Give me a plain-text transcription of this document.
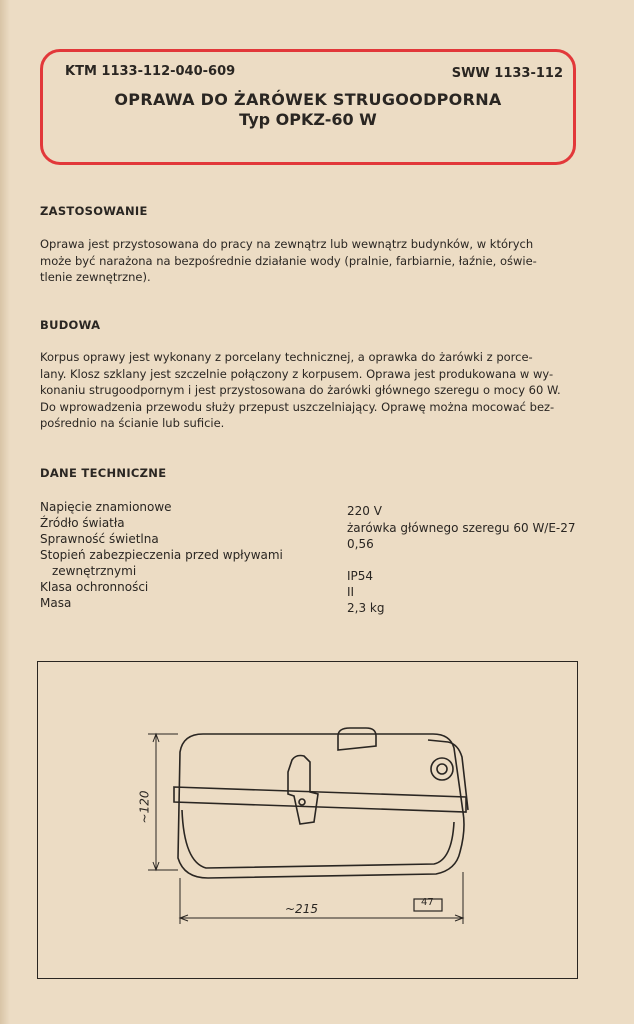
KTM 1133-112-040-609	SWW 1133-112
OPRAWA DO ŻARÓWEK STRUGOODPORNA
Typ OPKZ-60 W
ZASTOSOWANIE
Oprawa jest przystosowana do pracy na zewnątrz lub wewnątrz budynków, w których
może być narażona na bezpośrednie działanie wody (pralnie, farbiarnie, łaźnie, oświe-
tlenie zewnętrzne).
BUDOWA
Korpus oprawy jest wykonany z porcelany technicznej, a oprawka do żarówki z porce-
lany. Klosz szklany jest szczelnie połączony z korpusem. Oprawa jest produkowana w wy-
konaniu strugoodpornym i jest przystosowana do żarówki głównego szeregu o mocy 60 W.
Do wprowadzenia przewodu służy przepust uszczelniający. Oprawę można mocować bez-
pośrednio na ścianie lub suficie.
DANE TECHNICZNE
Napięcie znamionowe
Źródło światła
Sprawność świetlna
Stopień zabezpieczenia przed wpływami
zewnętrznymi
Klasa ochronności
Masa
220 V
żarówka głównego szeregu 60 W/E-27
0,56
IP54
II
2,3 kg
~120
~215	47
